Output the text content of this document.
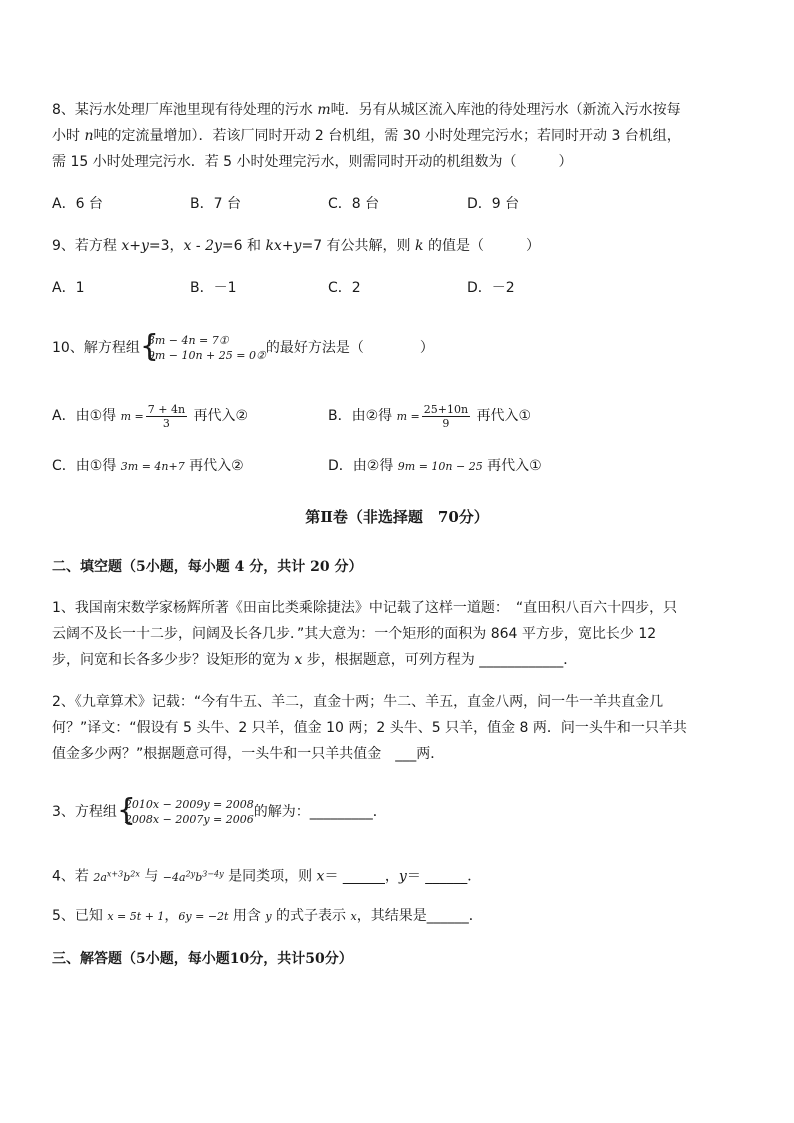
8、某污水处理厂库池里现有待处理的污水 m吨．另有从城区流入库池的待处理污水（新流入污水按每
小时 n吨的定流量增加）．若该厂同时开动 2 台机组，需 30 小时处理完污水；若同时开动 3 台机组，
需 15 小时处理完污水．若 5 小时处理完污水，则需同时开动的机组数为（　　　）
A．6 台	B．7 台	C．8 台	D．9 台
9、若方程 x+y=3，x - 2y=6 和 kx+y=7 有公共解，则 k 的值是（　　　）
A．1	B．－1	C．2	D．－2
10、解方程组 {
3m − 4n = 7①
9m − 10n + 25 = 0② 的最好方法是（　　　　）
A．由①得 $m = \frac{7 + 4n}{3}$ 再代入②	B．由②得 $m = \frac{25+10n}{9}$ 再代入①
C．由①得 3m = 4n+7 再代入②	D．由②得 9m = 10n − 25 再代入①
第Ⅱ卷（非选择题　70分）
二、填空题（5小题，每小题 4 分，共计 20 分）
1、我国南宋数学家杨辉所著《田亩比类乘除捷法》中记载了这样一道题：　“直田积八百六十四步，只
云阔不及长一十二步，问阔及长各几步．”其大意为：一个矩形的面积为 864 平方步，宽比长少 12
步，问宽和长各多少步？设矩形的宽为 x 步，根据题意，可列方程为 ____________．
2、《九章算术》记载：“今有牛五、羊二，直金十两；牛二、羊五，直金八两，问一牛一羊共直金几
何？”译文：“假设有 5 头牛、2 只羊，值金 10 两；2 头牛、5 只羊，值金 8 两．问一头牛和一只羊共
值金多少两？”根据题意可得，一头牛和一只羊共值金　___两．
3、方程组 {
2010x − 2009y = 2008
2008x − 2007y = 2006 的解为：_________．
4、若 $2a^{x+3}b^{2x}$ 与 $-4a^{2y}b^{3-4y}$ 是同类项，则 x＝ ______，y＝ ______．
5、已知 x = 5t + 1，6y = −2t 用含 y 的式子表示 x，其结果是______．
三、解答题（5小题，每小题10分，共计50分）
